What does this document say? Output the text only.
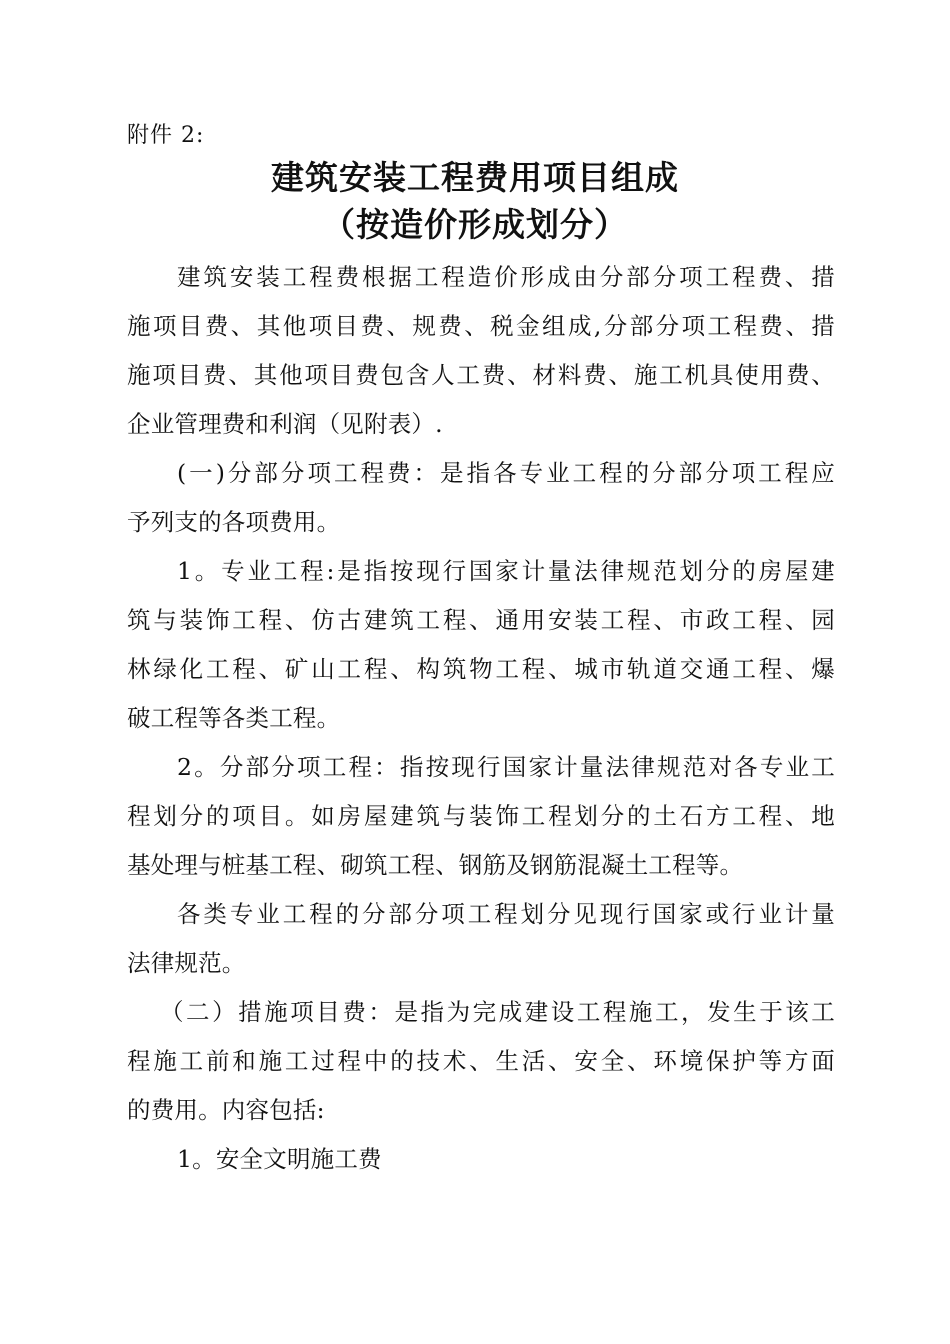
附件 2:
建筑安装工程费用项目组成
（按造价形成划分）

建筑安装工程费根据工程造价形成由分部分项工程费、措
施项目费、其他项目费、规费、税金组成,分部分项工程费、措
施项目费、其他项目费包含人工费、材料费、施工机具使用费、
企业管理费和利润（见附表）.

(一)分部分项工程费：是指各专业工程的分部分项工程应
予列支的各项费用。

1。专业工程:是指按现行国家计量法律规范划分的房屋建
筑与装饰工程、仿古建筑工程、通用安装工程、市政工程、园
林绿化工程、矿山工程、构筑物工程、城市轨道交通工程、爆
破工程等各类工程。

2。分部分项工程：指按现行国家计量法律规范对各专业工
程划分的项目。如房屋建筑与装饰工程划分的土石方工程、地
基处理与桩基工程、砌筑工程、钢筋及钢筋混凝土工程等。

各类专业工程的分部分项工程划分见现行国家或行业计量
法律规范。

（二）措施项目费：是指为完成建设工程施工，发生于该工
程施工前和施工过程中的技术、生活、安全、环境保护等方面
的费用。内容包括:

1。安全文明施工费
